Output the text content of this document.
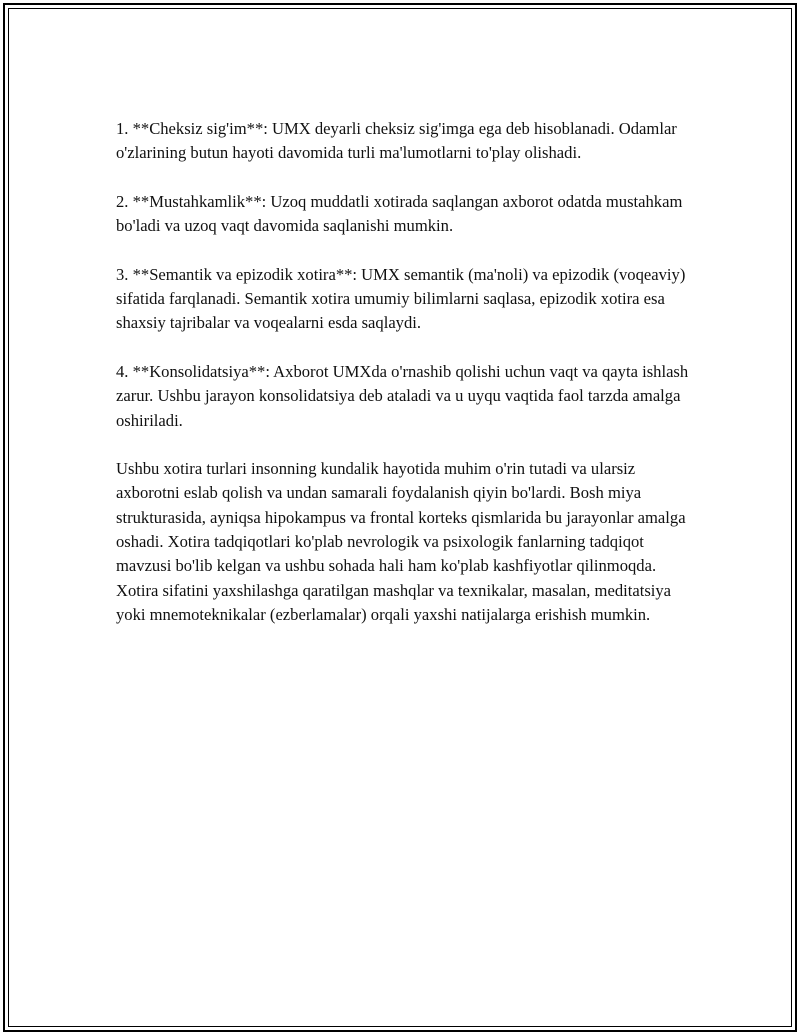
1. **Cheksiz sig'im**: UMX deyarli cheksiz sig'imga ega deb hisoblanadi. Odamlar o'zlarining butun hayoti davomida turli ma'lumotlarni to'play olishadi.

2. **Mustahkamlik**: Uzoq muddatli xotirada saqlangan axborot odatda mustahkam bo'ladi va uzoq vaqt davomida saqlanishi mumkin.

3. **Semantik va epizodik xotira**: UMX semantik (ma'noli) va epizodik (voqeaviy) sifatida farqlanadi. Semantik xotira umumiy bilimlarni saqlasa, epizodik xotira esa shaxsiy tajribalar va voqealarni esda saqlaydi.

4. **Konsolidatsiya**: Axborot UMXda o'rnashib qolishi uchun vaqt va qayta ishlash zarur. Ushbu jarayon konsolidatsiya deb ataladi va u uyqu vaqtida faol tarzda amalga oshiriladi.

Ushbu xotira turlari insonning kundalik hayotida muhim o'rin tutadi va ularsiz axborotni eslab qolish va undan samarali foydalanish qiyin bo'lardi. Bosh miya strukturasida, ayniqsa hipokampus va frontal korteks qismlarida bu jarayonlar amalga oshadi. Xotira tadqiqotlari ko'plab nevrologik va psixologik fanlarning tadqiqot mavzusi bo'lib kelgan va ushbu sohada hali ham ko'plab kashfiyotlar qilinmoqda. Xotira sifatini yaxshilashga qaratilgan mashqlar va texnikalar, masalan, meditatsiya yoki mnemoteknikalar (ezberlamalar) orqali yaxshi natijalarga erishish mumkin.
